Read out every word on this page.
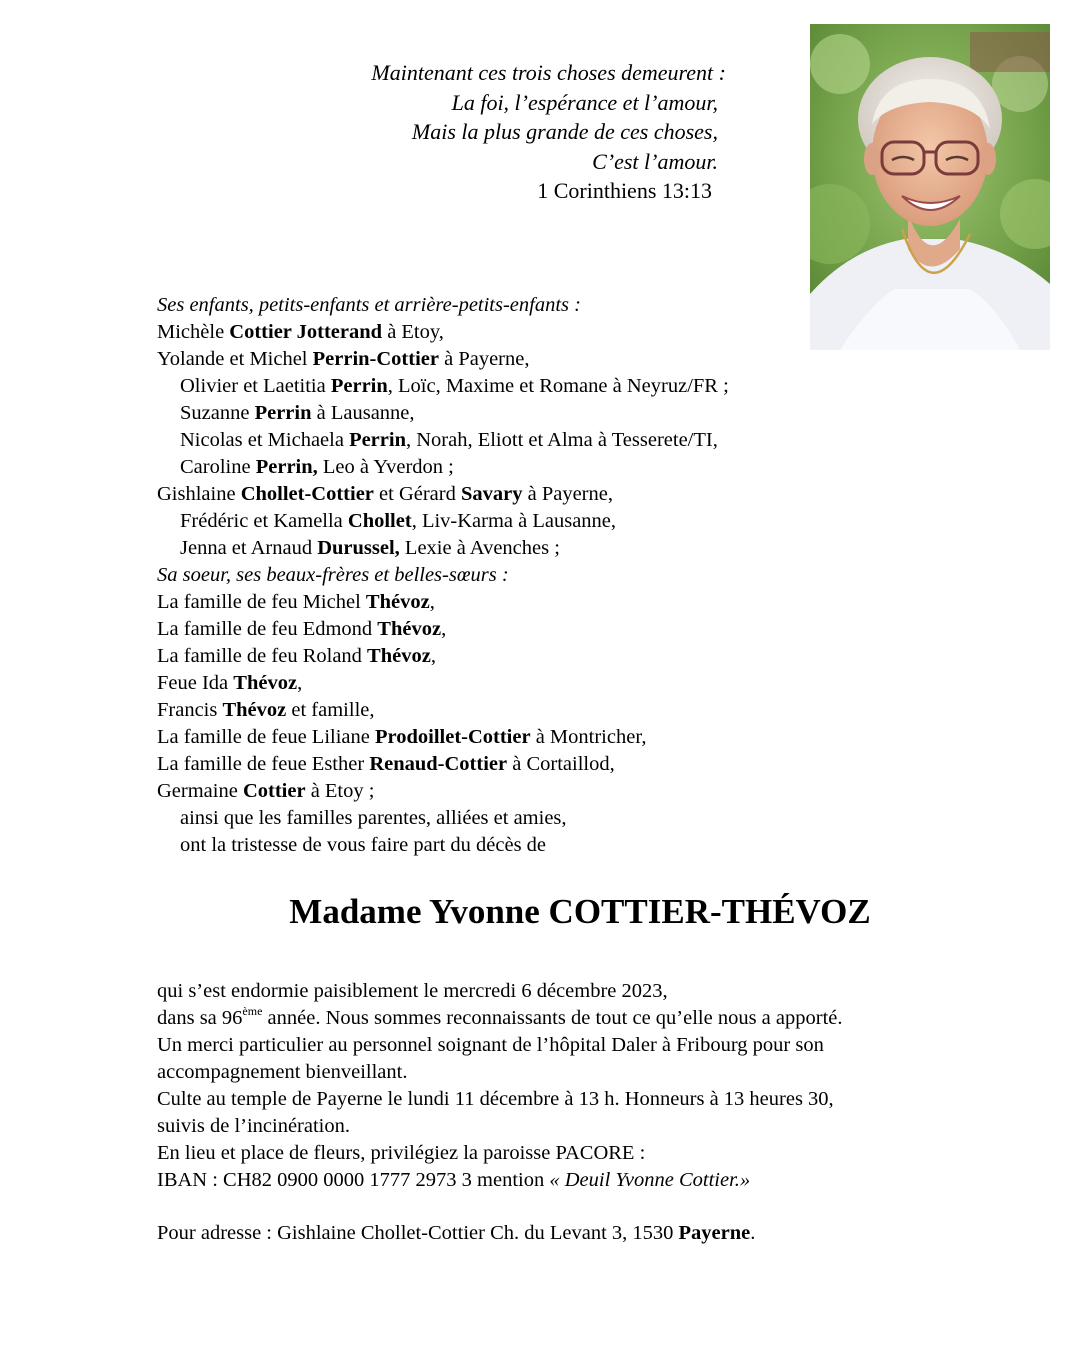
Maintenant ces trois choses demeurent :
La foi, l’espérance et l’amour,
Mais la plus grande de ces choses,
C’est l’amour.
1 Corinthiens 13:13
Ses enfants, petits-enfants et arrière-petits-enfants :
Michèle Cottier Jotterand à Etoy,
Yolande et Michel Perrin-Cottier à Payerne,
Olivier et Laetitia Perrin, Loïc, Maxime et Romane à Neyruz/FR ;
Suzanne Perrin à Lausanne,
Nicolas et Michaela Perrin, Norah, Eliott et Alma à Tesserete/TI,
Caroline Perrin, Leo à Yverdon ;
Gishlaine Chollet-Cottier et Gérard Savary à Payerne,
Frédéric et Kamella Chollet, Liv-Karma à Lausanne,
Jenna et Arnaud Durussel, Lexie à Avenches ;
Sa soeur, ses beaux-frères et belles-sœurs :
La famille de feu Michel Thévoz,
La famille de feu Edmond Thévoz,
La famille de feu Roland Thévoz,
Feue Ida Thévoz,
Francis Thévoz et famille,
La famille de feue Liliane Prodoillet-Cottier à Montricher,
La famille de feue Esther Renaud-Cottier à Cortaillod,
Germaine Cottier à Etoy ;
ainsi que les familles parentes, alliées et amies,
ont la tristesse de vous faire part du décès de
Madame Yvonne COTTIER-THÉVOZ
qui s’est endormie paisiblement le mercredi 6 décembre 2023,
dans sa 96ème année. Nous sommes reconnaissants de tout ce qu’elle nous a apporté.
Un merci particulier au personnel soignant de l’hôpital Daler à Fribourg pour son
accompagnement bienveillant.
Culte au temple de Payerne le lundi 11 décembre à 13 h. Honneurs à 13 heures 30,
suivis de l’incinération.
En lieu et place de fleurs, privilégiez la paroisse PACORE :
IBAN : CH82 0900 0000 1777 2973 3 mention « Deuil Yvonne Cottier.»
Pour adresse : Gishlaine Chollet-Cottier Ch. du Levant 3, 1530 Payerne.
